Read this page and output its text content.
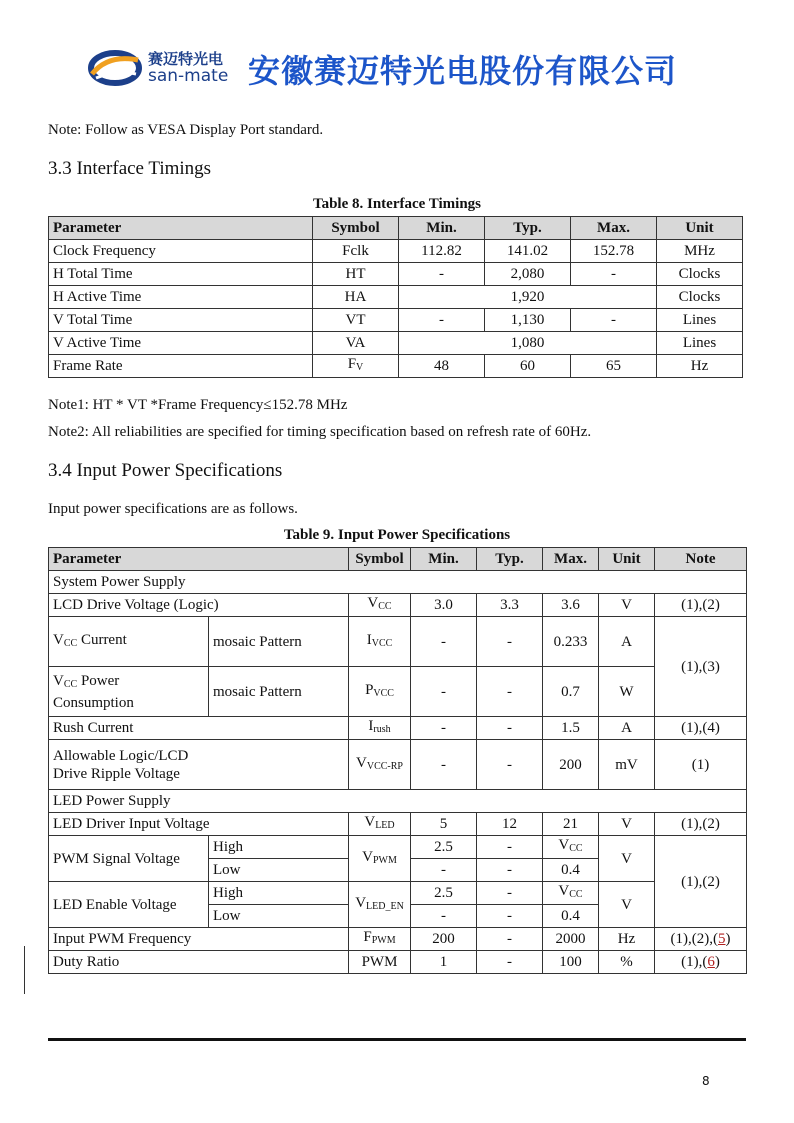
赛迈特光电
san-mate 安徽赛迈特光电股份有限公司
Note: Follow as VESA Display Port standard.
3.3 Interface Timings
Table 8. Interface Timings
Parameter	Symbol	Min.	Typ.	Max.	Unit
Clock Frequency	Fclk	112.82	141.02	152.78	MHz
H Total Time	HT	-	2,080	-	Clocks
H Active Time	HA	1,920			Clocks
V Total Time	VT	-	1,130	-	Lines
V Active Time	VA	1,080			Lines
Frame Rate	$F_V$	48	60	65	Hz
Note1: HT * VT *Frame Frequency≤152.78 MHz
Note2: All reliabilities are specified for timing specification based on refresh rate of 60Hz.
3.4 Input Power Specifications
Input power specifications are as follows.
Table 9. Input Power Specifications
Parameter		Symbol	Min.	Typ.	Max.	Unit	Note
System Power Supply							
LCD Drive Voltage (Logic)		$V_{CC}$	3.0	3.3	3.6	V	(1),(2)
$V_{CC}$ Current	mosaic Pattern	$I_{VCC}$	-	-	0.233	A	(1),(3)
$V_{CC}$ Power
Consumption	mosaic Pattern	$P_{VCC}$	-	-	0.7	W	
Rush Current		$I_{rush}$	-	-	1.5	A	(1),(4)
Allowable Logic/LCD
Drive Ripple Voltage		$V_{VCC-RP}$	-	-	200	mV	(1)
LED Power Supply							
LED Driver Input Voltage		$V_{LED}$	5	12	21	V	(1),(2)
PWM Signal Voltage	High	$V_{PWM}$	2.5	-	$V_{CC}$	V	(1),(2)
	Low		-	-	0.4		
LED Enable Voltage	High	$V_{LED\_EN}$	2.5	-	$V_{CC}$	V	
	Low		-	-	0.4		
Input PWM Frequency		$F_{PWM}$	200	-	2000	Hz	(1),(2),(5)
Duty Ratio		PWM	1	-	100	%	(1),(6)
8
